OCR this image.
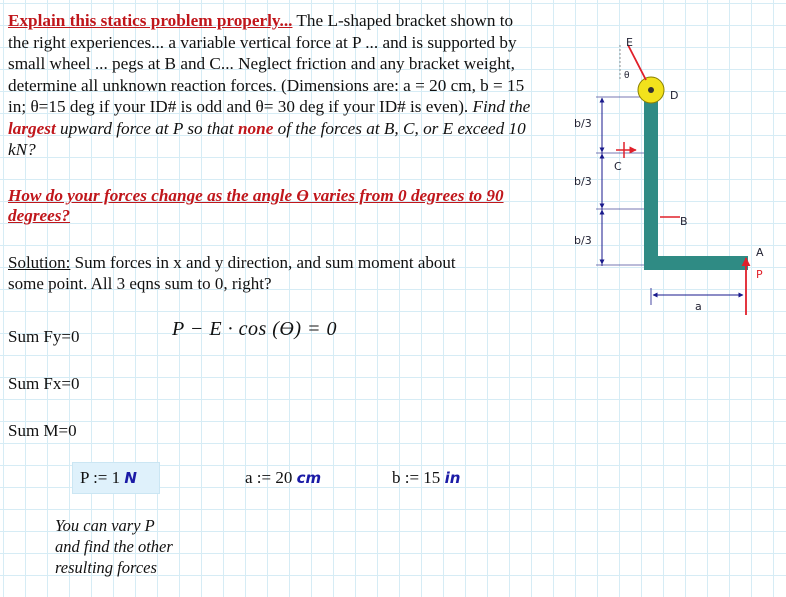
Explain this statics problem properly... The L-shaped bracket shown to the right experiences... a variable vertical force at P ... and is supported by small wheel ... pegs at B and C... Neglect friction and any bracket weight, determine all unknown reaction forces. (Dimensions are: a = 20 cm, b = 15 in; θ=15 deg if your ID# is odd and θ= 30 deg if your ID# is even). Find the largest upward force at P so that none of the forces at B, C, or E exceed 10 kN?
How do your forces change as the angle ϴ varies from 0 degrees to 90 degrees?
Solution: Sum forces in x and y direction, and sum moment about some point. All 3 eqns sum to 0, right?
Sum Fy=0	P − E · cos (ϴ) = 0
Sum Fx=0
Sum M=0
P := 1 N	a := 20 cm	b := 15 in
You can vary P
and find the other
resulting forces
b/3
b/3
b/3
C
D
E
θ
B
A
P
a
